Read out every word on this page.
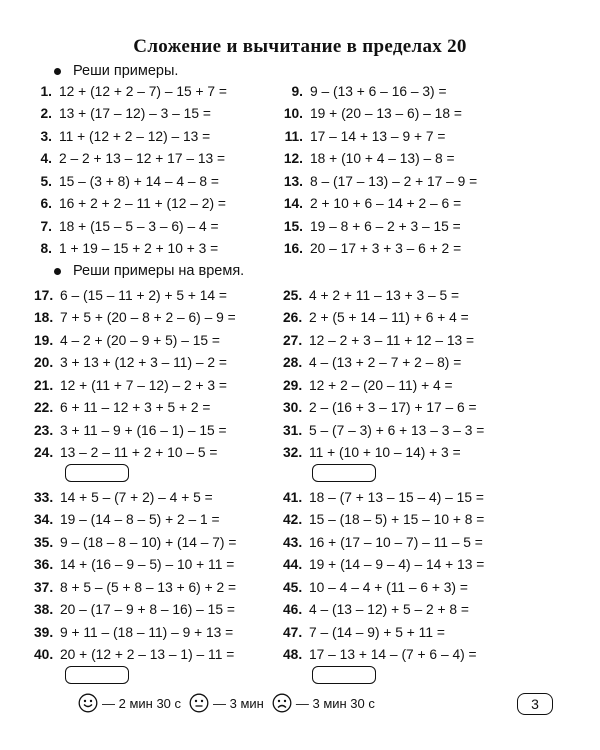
Сложение и вычитание в пределах 20
Реши примеры.
1. 12 + (12 + 2 – 7) – 15 + 7 =
2. 13 + (17 – 12) – 3 – 15 =
3. 11 + (12 + 2 – 12) – 13 =
4. 2 – 2 + 13 – 12 + 17 – 13 =
5. 15 – (3 + 8) + 14 – 4 – 8 =
6. 16 + 2 + 2 – 11 + (12 – 2) =
7. 18 + (15 – 5 – 3 – 6) – 4 =
8. 1 + 19 – 15 + 2 + 10 + 3 =
9. 9 – (13 + 6 – 16 – 3) =
10. 19 + (20 – 13 – 6) – 18 =
11. 17 – 14 + 13 – 9 + 7 =
12. 18 + (10 + 4 – 13) – 8 =
13. 8 – (17 – 13) – 2 + 17 – 9 =
14. 2 + 10 + 6 – 14 + 2 – 6 =
15. 19 – 8 + 6 – 2 + 3 – 15 =
16. 20 – 17 + 3 + 3 – 6 + 2 =
Реши примеры на время.
17. 6 – (15 – 11 + 2) + 5 + 14 =
18. 7 + 5 + (20 – 8 + 2 – 6) – 9 =
19. 4 – 2 + (20 – 9 + 5) – 15 =
20. 3 + 13 + (12 + 3 – 11) – 2 =
21. 12 + (11 + 7 – 12) – 2 + 3 =
22. 6 + 11 – 12 + 3 + 5 + 2 =
23. 3 + 11 – 9 + (16 – 1) – 15 =
24. 13 – 2 – 11 + 2 + 10 – 5 =
25. 4 + 2 + 11 – 13 + 3 – 5 =
26. 2 + (5 + 14 – 11) + 6 + 4 =
27. 12 – 2 + 3 – 11 + 12 – 13 =
28. 4 – (13 + 2 – 7 + 2 – 8) =
29. 12 + 2 – (20 – 11) + 4 =
30. 2 – (16 + 3 – 17) + 17 – 6 =
31. 5 – (7 – 3) + 6 + 13 – 3 – 3 =
32. 11 + (10 + 10 – 14) + 3 =
33. 14 + 5 – (7 + 2) – 4 + 5 =
34. 19 – (14 – 8 – 5) + 2 – 1 =
35. 9 – (18 – 8 – 10) + (14 – 7) =
36. 14 + (16 – 9 – 5) – 10 + 11 =
37. 8 + 5 – (5 + 8 – 13 + 6) + 2 =
38. 20 – (17 – 9 + 8 – 16) – 15 =
39. 9 + 11 – (18 – 11) – 9 + 13 =
40. 20 + (12 + 2 – 13 – 1) – 11 =
41. 18 – (7 + 13 – 15 – 4) – 15 =
42. 15 – (18 – 5) + 15 – 10 + 8 =
43. 16 + (17 – 10 – 7) – 11 – 5 =
44. 19 + (14 – 9 – 4) – 14 + 13 =
45. 10 – 4 – 4 + (11 – 6 + 3) =
46. 4 – (13 – 12) + 5 – 2 + 8 =
47. 7 – (14 – 9) + 5 + 11 =
48. 17 – 13 + 14 – (7 + 6 – 4) =
— 2 мин 30 с — 3 мин — 3 мин 30 с	3
